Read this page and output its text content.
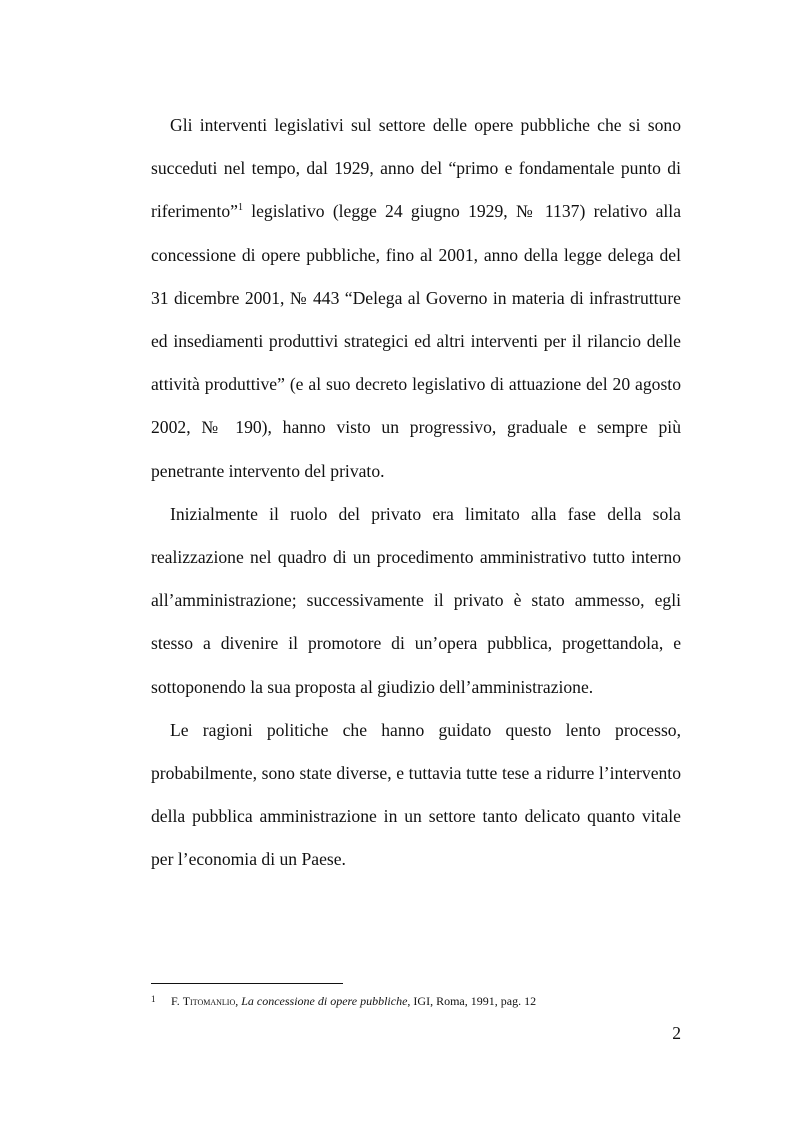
Gli interventi legislativi sul settore delle opere pubbliche che si sono succeduti nel tempo, dal 1929, anno del “primo e fondamentale punto di riferimento”$^1$ legislativo (legge 24 giugno 1929, № 1137) relativo alla concessione di opere pubbliche, fino al 2001, anno della legge delega del 31 dicembre 2001, № 443 “Delega al Governo in materia di infrastrutture ed insediamenti produttivi strategici ed altri interventi per il rilancio delle attività produttive” (e al suo decreto legislativo di attuazione del 20 agosto 2002, № 190), hanno visto un progressivo, graduale e sempre più penetrante intervento del privato.

Inizialmente il ruolo del privato era limitato alla fase della sola realizzazione nel quadro di un procedimento amministrativo tutto interno all’amministrazione; successivamente il privato è stato ammesso, egli stesso a divenire il promotore di un’opera pubblica, progettandola, e sottoponendo la sua proposta al giudizio dell’amministrazione.

Le ragioni politiche che hanno guidato questo lento processo, probabilmente, sono state diverse, e tuttavia tutte tese a ridurre l’intervento della pubblica amministrazione in un settore tanto delicato quanto vitale per l’economia di un Paese.

1 F. Titomanlio, La concessione di opere pubbliche, IGI, Roma, 1991, pag. 12
2
